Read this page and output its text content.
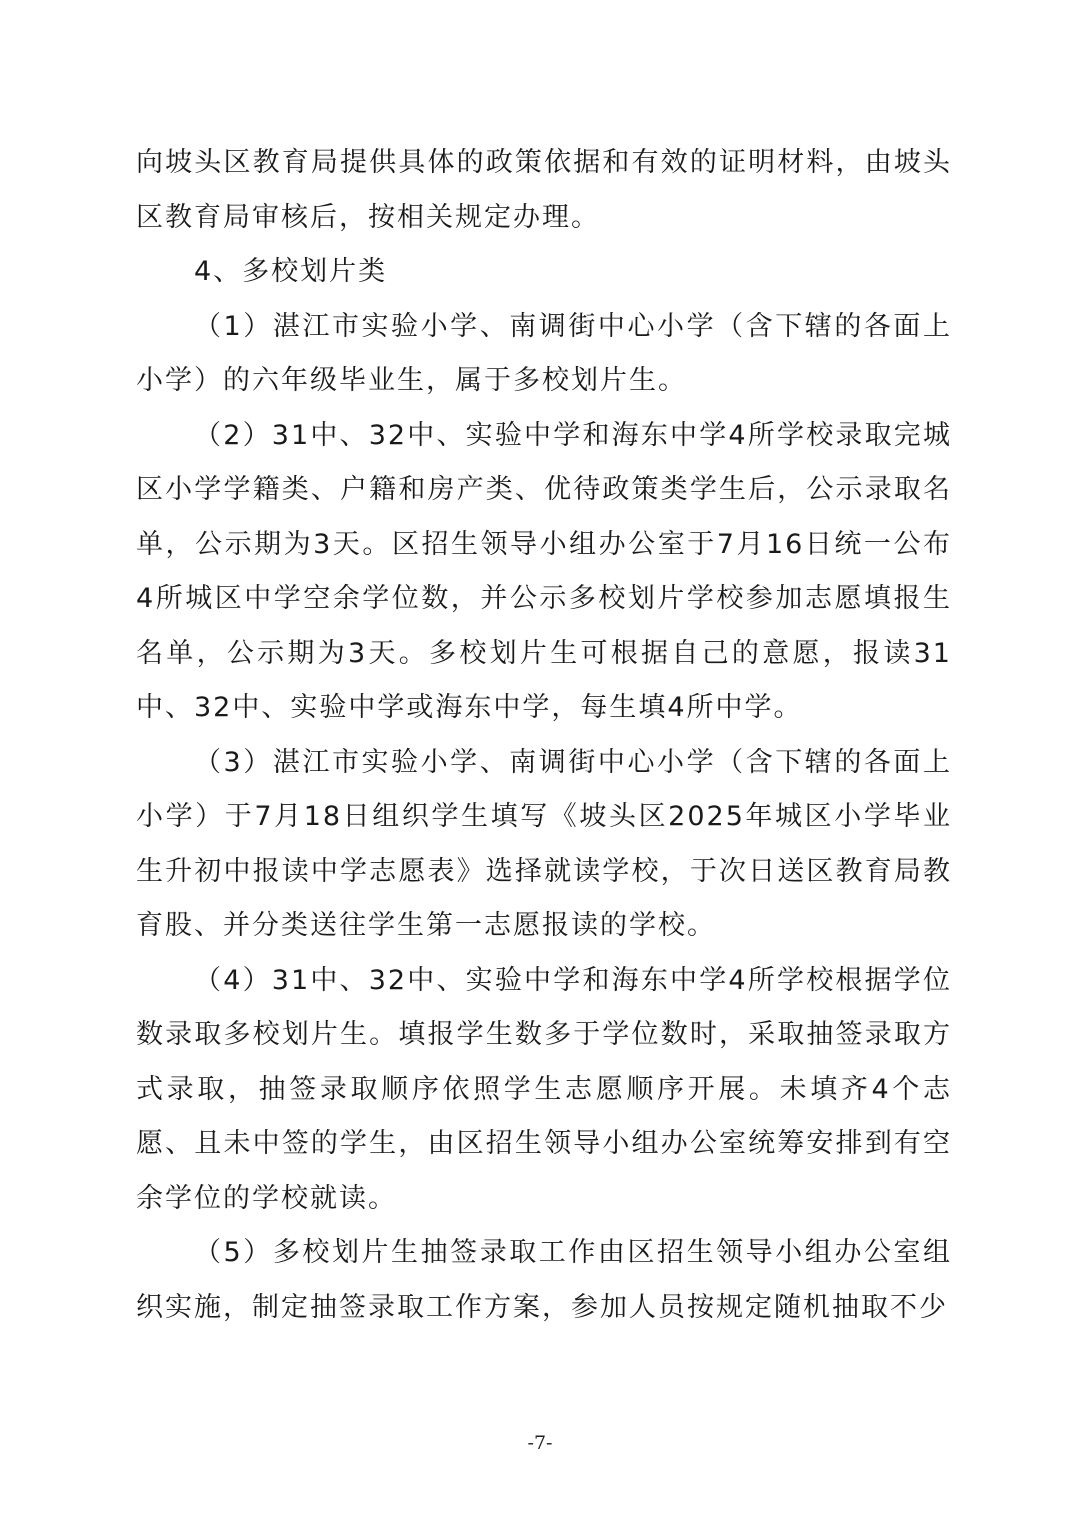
向坡头区教育局提供具体的政策依据和有效的证明材料，由坡头区教育局审核后，按相关规定办理。

4、多校划片类

（1）湛江市实验小学、南调街中心小学（含下辖的各面上小学）的六年级毕业生，属于多校划片生。

（2）31中、32中、实验中学和海东中学4所学校录取完城区小学学籍类、户籍和房产类、优待政策类学生后，公示录取名单，公示期为3天。区招生领导小组办公室于7月16日统一公布4所城区中学空余学位数，并公示多校划片学校参加志愿填报生名单，公示期为3天。多校划片生可根据自己的意愿，报读31中、32中、实验中学或海东中学，每生填4所中学。

（3）湛江市实验小学、南调街中心小学（含下辖的各面上小学）于7月18日组织学生填写《坡头区2025年城区小学毕业生升初中报读中学志愿表》选择就读学校，于次日送区教育局教育股、并分类送往学生第一志愿报读的学校。

（4）31中、32中、实验中学和海东中学4所学校根据学位数录取多校划片生。填报学生数多于学位数时，采取抽签录取方式录取，抽签录取顺序依照学生志愿顺序开展。未填齐4个志愿、且未中签的学生，由区招生领导小组办公室统筹安排到有空余学位的学校就读。

（5）多校划片生抽签录取工作由区招生领导小组办公室组织实施，制定抽签录取工作方案，参加人员按规定随机抽取不少

-7-
